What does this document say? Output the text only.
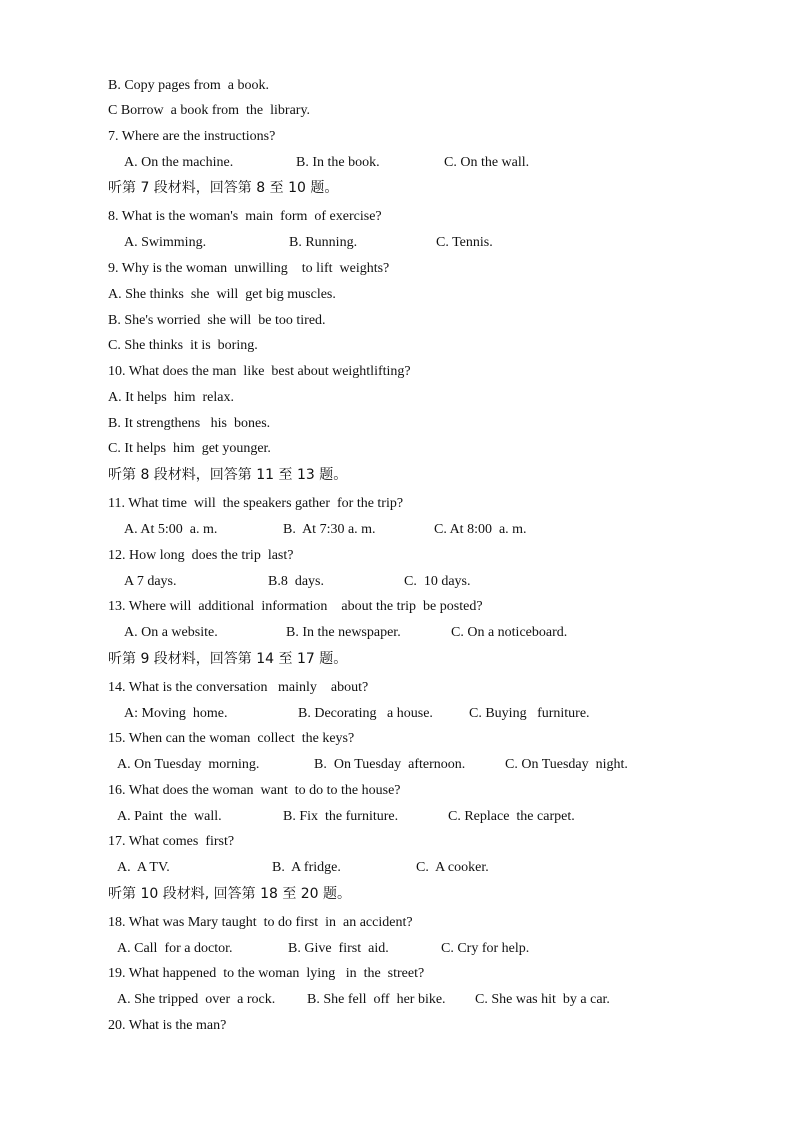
B. Copy pages from  a book.
C Borrow  a book from  the  library.
7. Where are the instructions?
A. On the machine.	B. In the book.	C. On the wall.
听第 7 段材料，回答第 8 至 10 题。
8. What is the woman's  main  form  of exercise?
A. Swimming.	B. Running.	C. Tennis.
9. Why is the woman  unwilling    to lift  weights?
A. She thinks  she  will  get big muscles.
B. She's worried  she will  be too tired.
C. She thinks  it is  boring.
10. What does the man  like  best about weightlifting?
A. It helps  him  relax.
B. It strengthens   his  bones.
C. It helps  him  get younger.
听第 8 段材料，回答第 11 至 13 题。
11. What time  will  the speakers gather  for the trip?
A. At 5:00  a. m.	B.  At 7:30 a. m.	C. At 8:00  a. m.
12. How long  does the trip  last?
A 7 days.	B.8  days.	C.  10 days.
13. Where will  additional  information    about the trip  be posted?
A. On a website.	B. In the newspaper.	C. On a noticeboard.
听第 9 段材料，回答第 14 至 17 题。
14. What is the conversation   mainly    about?
A: Moving  home.	B. Decorating   a house.	C. Buying   furniture.
15. When can the woman  collect  the keys?
A. On Tuesday  morning.	B.  On Tuesday  afternoon.	C. On Tuesday  night.
16. What does the woman  want  to do to the house?
A. Paint  the  wall.	B. Fix  the furniture.	C. Replace  the carpet.
17. What comes  first?
A.  A TV.	B.  A fridge.	C.  A cooker.
听第 10 段材料, 回答第 18 至 20 题。
18. What was Mary taught  to do first  in  an accident?
A. Call  for a doctor.	B. Give  first  aid.	C. Cry for help.
19. What happened  to the woman  lying   in  the  street?
A. She tripped  over  a rock. B. She fell  off  her bike. C. She was hit  by a car.
20. What is the man?
